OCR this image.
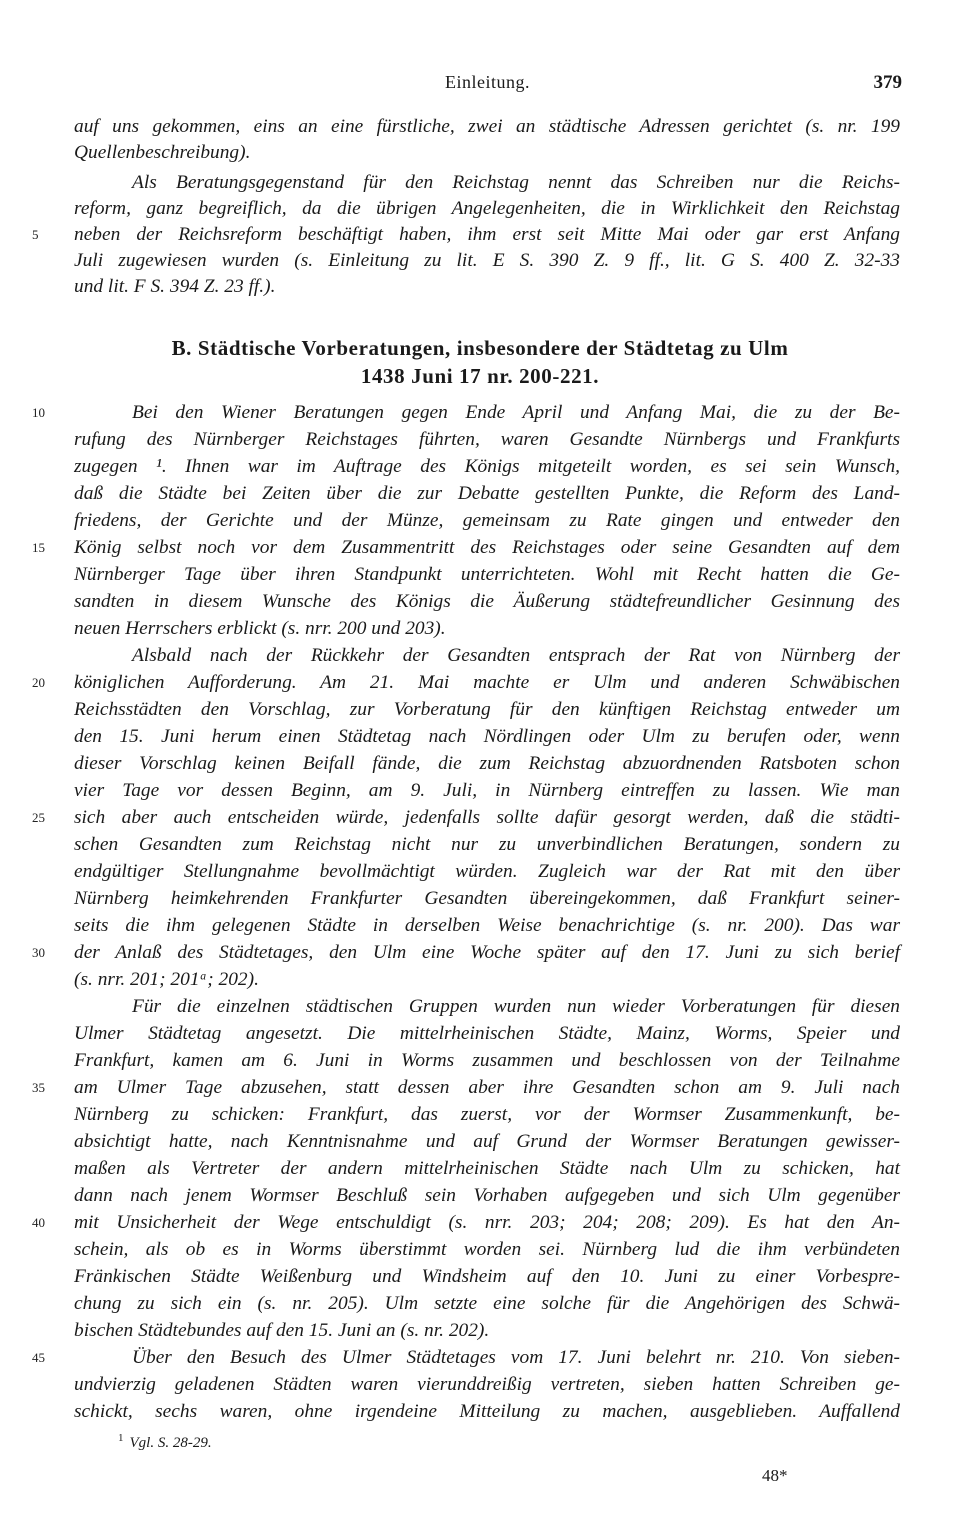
Einleitung.	379
auf uns gekommen, eins an eine fürstliche, zwei an städtische Adressen gerichtet (s. nr. 199
Quellenbeschreibung).
Als Beratungsgegenstand für den Reichstag nennt das Schreiben nur die Reichs-
reform, ganz begreiflich, da die übrigen Angelegenheiten, die in Wirklichkeit den Reichstag
5	neben der Reichsreform beschäftigt haben, ihm erst seit Mitte Mai oder gar erst Anfang
Juli zugewiesen wurden (s. Einleitung zu lit. E S. 390 Z. 9 ff., lit. G S. 400 Z. 32-33
und lit. F S. 394 Z. 23 ff.).
B. Städtische Vorberatungen, insbesondere der Städtetag zu Ulm
1438 Juni 17 nr. 200-221.
10	Bei den Wiener Beratungen gegen Ende April und Anfang Mai, die zu der Be-
rufung des Nürnberger Reichstages führten, waren Gesandte Nürnbergs und Frankfurts
zugegen ¹. Ihnen war im Auftrage des Königs mitgeteilt worden, es sei sein Wunsch,
daß die Städte bei Zeiten über die zur Debatte gestellten Punkte, die Reform des Land-
friedens, der Gerichte und der Münze, gemeinsam zu Rate gingen und entweder den
15	König selbst noch vor dem Zusammentritt des Reichstages oder seine Gesandten auf dem
Nürnberger Tage über ihren Standpunkt unterrichteten. Wohl mit Recht hatten die Ge-
sandten in diesem Wunsche des Königs die Äußerung städtefreundlicher Gesinnung des
neuen Herrschers erblickt (s. nrr. 200 und 203).
Alsbald nach der Rückkehr der Gesandten entsprach der Rat von Nürnberg der
20	königlichen Aufforderung. Am 21. Mai machte er Ulm und anderen Schwäbischen
Reichsstädten den Vorschlag, zur Vorberatung für den künftigen Reichstag entweder um
den 15. Juni herum einen Städtetag nach Nördlingen oder Ulm zu berufen oder, wenn
dieser Vorschlag keinen Beifall fände, die zum Reichstag abzuordnenden Ratsboten schon
vier Tage vor dessen Beginn, am 9. Juli, in Nürnberg eintreffen zu lassen. Wie man
25	sich aber auch entscheiden würde, jedenfalls sollte dafür gesorgt werden, daß die städti-
schen Gesandten zum Reichstag nicht nur zu unverbindlichen Beratungen, sondern zu
endgültiger Stellungnahme bevollmächtigt würden. Zugleich war der Rat mit den über
Nürnberg heimkehrenden Frankfurter Gesandten übereingekommen, daß Frankfurt seiner-
seits die ihm gelegenen Städte in derselben Weise benachrichtige (s. nr. 200). Das war
30	der Anlaß des Städtetages, den Ulm eine Woche später auf den 17. Juni zu sich berief
(s. nrr. 201; 201ᵃ; 202).
Für die einzelnen städtischen Gruppen wurden nun wieder Vorberatungen für diesen
Ulmer Städtetag angesetzt. Die mittelrheinischen Städte, Mainz, Worms, Speier und
Frankfurt, kamen am 6. Juni in Worms zusammen und beschlossen von der Teilnahme
35	am Ulmer Tage abzusehen, statt dessen aber ihre Gesandten schon am 9. Juli nach
Nürnberg zu schicken: Frankfurt, das zuerst, vor der Wormser Zusammenkunft, be-
absichtigt hatte, nach Kenntnisnahme und auf Grund der Wormser Beratungen gewisser-
maßen als Vertreter der andern mittelrheinischen Städte nach Ulm zu schicken, hat
dann nach jenem Wormser Beschluß sein Vorhaben aufgegeben und sich Ulm gegenüber
40	mit Unsicherheit der Wege entschuldigt (s. nrr. 203; 204; 208; 209). Es hat den An-
schein, als ob es in Worms überstimmt worden sei. Nürnberg lud die ihm verbündeten
Fränkischen Städte Weißenburg und Windsheim auf den 10. Juni zu einer Vorbespre-
chung zu sich ein (s. nr. 205). Ulm setzte eine solche für die Angehörigen des Schwä-
bischen Städtebundes auf den 15. Juni an (s. nr. 202).
45	Über den Besuch des Ulmer Städtetages vom 17. Juni belehrt nr. 210. Von sieben-
undvierzig geladenen Städten waren vierunddreißig vertreten, sieben hatten Schreiben ge-
schickt, sechs waren, ohne irgendeine Mitteilung zu machen, ausgeblieben. Auffallend
$^1$ Vgl. S. 28-29.
48*
